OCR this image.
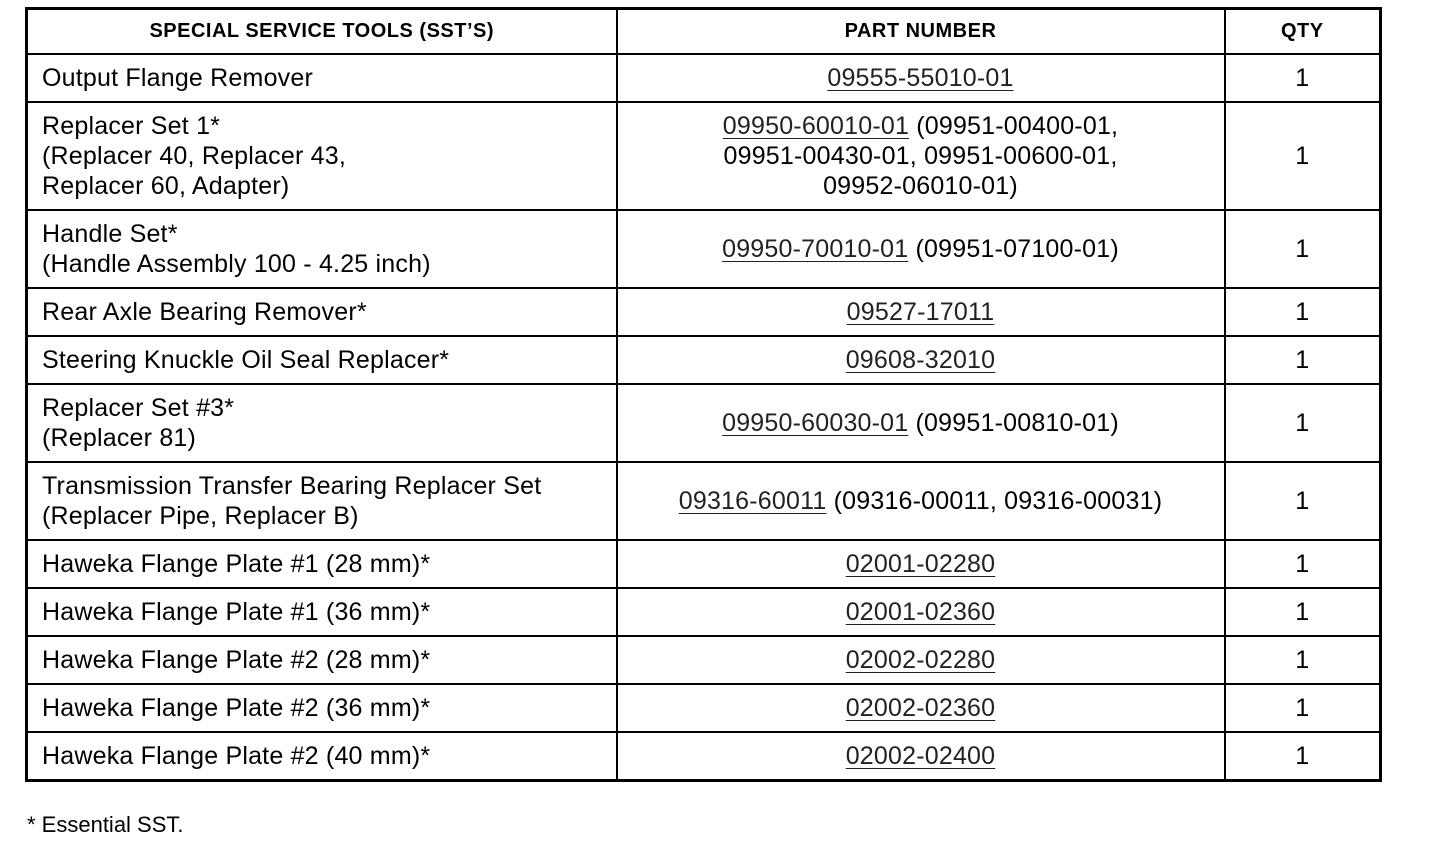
SPECIAL SERVICE TOOLS (SST’S)	PART NUMBER	QTY

Output Flange Remover	09555-55010-01	1

Replacer Set 1*
(Replacer 40, Replacer 43,
Replacer 60, Adapter)	09950-60010-01 (09951-00400-01,
09951-00430-01, 09951-00600-01,
09952-06010-01)	1

Handle Set*
(Handle Assembly 100 - 4.25 inch)	09950-70010-01 (09951-07100-01)	1

Rear Axle Bearing Remover*	09527-17011	1

Steering Knuckle Oil Seal Replacer*	09608-32010	1

Replacer Set #3*
(Replacer 81)	09950-60030-01 (09951-00810-01)	1

Transmission Transfer Bearing Replacer Set
(Replacer Pipe, Replacer B)	09316-60011 (09316-00011, 09316-00031)	1

Haweka Flange Plate #1 (28 mm)*	02001-02280	1

Haweka Flange Plate #1 (36 mm)*	02001-02360	1

Haweka Flange Plate #2 (28 mm)*	02002-02280	1

Haweka Flange Plate #2 (36 mm)*	02002-02360	1

Haweka Flange Plate #2 (40 mm)*	02002-02400	1
* Essential SST.
